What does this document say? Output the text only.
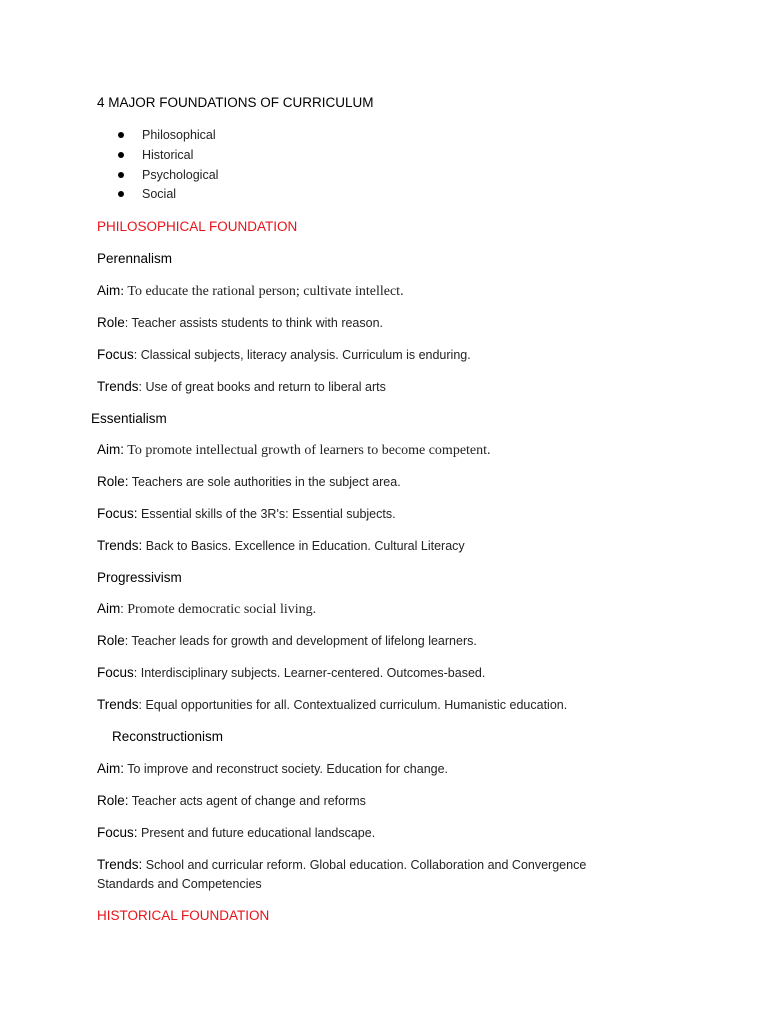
4 MAJOR FOUNDATIONS OF CURRICULUM
Philosophical
Historical
Psychological
Social
PHILOSOPHICAL FOUNDATION
Perennalism
Aim: To educate the rational person; cultivate intellect.
Role: Teacher assists students to think with reason.
Focus: Classical subjects, literacy analysis. Curriculum is enduring.
Trends: Use of great books and return to liberal arts
Essentialism
Aim: To promote intellectual growth of learners to become competent.
Role: Teachers are sole authorities in the subject area.
Focus: Essential skills of the 3R's: Essential subjects.
Trends: Back to Basics. Excellence in Education. Cultural Literacy
Progressivism
Aim: Promote democratic social living.
Role: Teacher leads for growth and development of lifelong learners.
Focus: Interdisciplinary subjects. Learner-centered. Outcomes-based.
Trends: Equal opportunities for all. Contextualized curriculum. Humanistic education.
Reconstructionism
Aim: To improve and reconstruct society. Education for change.
Role: Teacher acts agent of change and reforms
Focus: Present and future educational landscape.
Trends: School and curricular reform. Global education. Collaboration and Convergence
Standards and Competencies
HISTORICAL FOUNDATION
